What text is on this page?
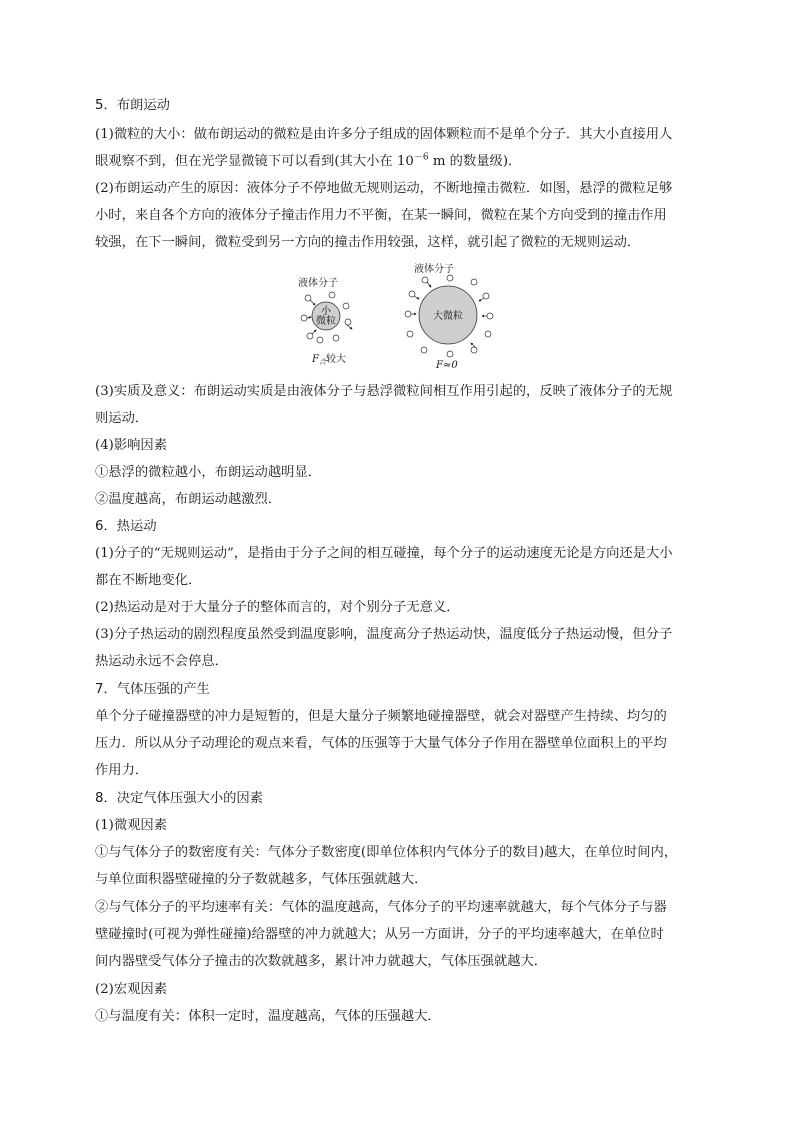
5．布朗运动
(1)微粒的大小：做布朗运动的微粒是由许多分子组成的固体颗粒而不是单个分子．其大小直接用人
眼观察不到，但在光学显微镜下可以看到(其大小在 $10^{-6}$ m 的数量级)．
(2)布朗运动产生的原因：液体分子不停地做无规则运动，不断地撞击微粒．如图，悬浮的微粒足够
小时，来自各个方向的液体分子撞击作用力不平衡，在某一瞬间，微粒在某个方向受到的撞击作用
较强，在下一瞬间，微粒受到另一方向的撞击作用较强，这样，就引起了微粒的无规则运动．
液体分子
小
微粒
$F_合$较大
液体分子
大微粒
F≈0
(3)实质及意义：布朗运动实质是由液体分子与悬浮微粒间相互作用引起的，反映了液体分子的无规
则运动．
(4)影响因素
①悬浮的微粒越小，布朗运动越明显．
②温度越高，布朗运动越激烈．
6．热运动
(1)分子的“无规则运动”，是指由于分子之间的相互碰撞，每个分子的运动速度无论是方向还是大小
都在不断地变化．
(2)热运动是对于大量分子的整体而言的，对个别分子无意义．
(3)分子热运动的剧烈程度虽然受到温度影响，温度高分子热运动快，温度低分子热运动慢，但分子
热运动永远不会停息．
7．气体压强的产生
单个分子碰撞器壁的冲力是短暂的，但是大量分子频繁地碰撞器壁，就会对器壁产生持续、均匀的
压力．所以从分子动理论的观点来看，气体的压强等于大量气体分子作用在器壁单位面积上的平均
作用力．
8．决定气体压强大小的因素
(1)微观因素
①与气体分子的数密度有关：气体分子数密度(即单位体积内气体分子的数目)越大，在单位时间内，
与单位面积器壁碰撞的分子数就越多，气体压强就越大．
②与气体分子的平均速率有关：气体的温度越高，气体分子的平均速率就越大，每个气体分子与器
壁碰撞时(可视为弹性碰撞)给器壁的冲力就越大；从另一方面讲，分子的平均速率越大，在单位时
间内器壁受气体分子撞击的次数就越多，累计冲力就越大，气体压强就越大．
(2)宏观因素
①与温度有关：体积一定时，温度越高，气体的压强越大．
